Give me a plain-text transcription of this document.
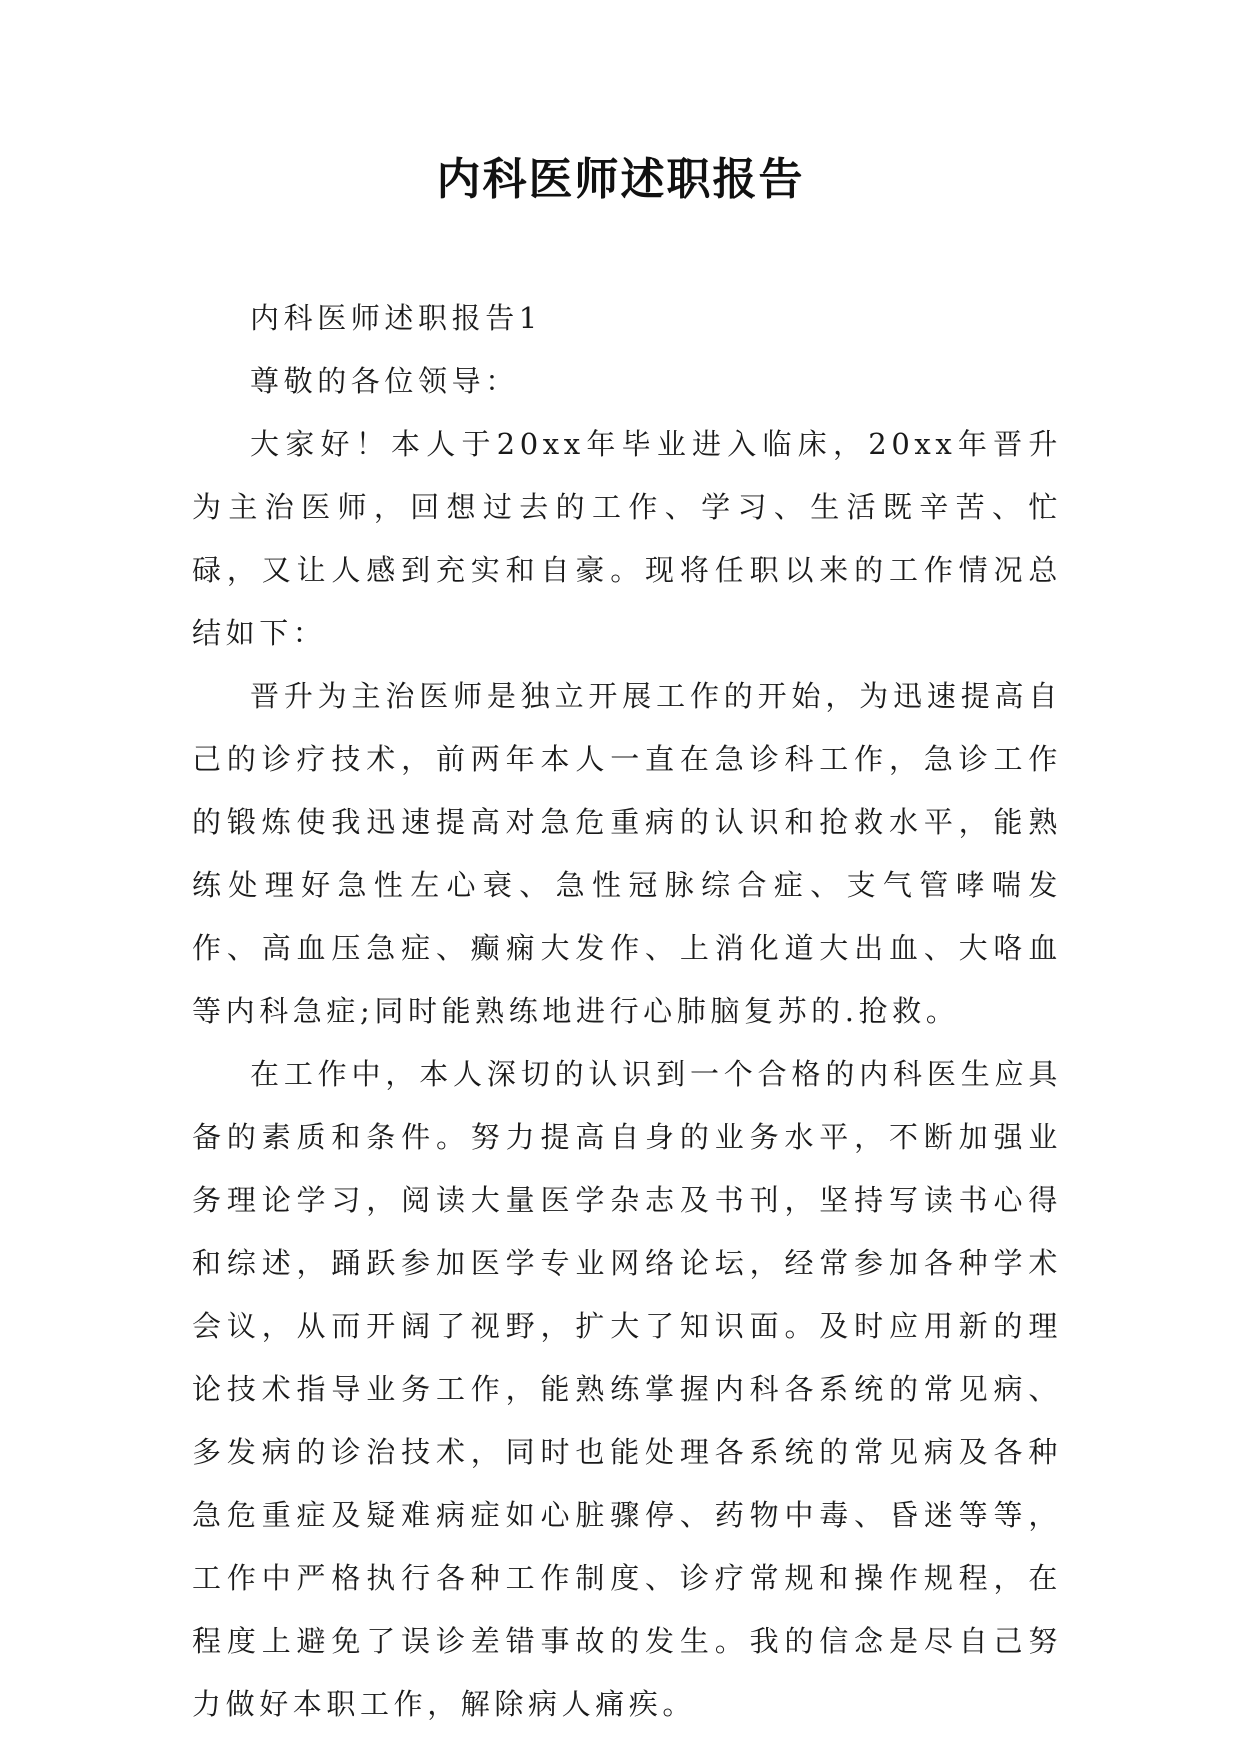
内科医师述职报告

内科医师述职报告1

尊敬的各位领导：

大家好！本人于20xx年毕业进入临床，20xx年晋升为主治医师，回想过去的工作、学习、生活既辛苦、忙碌，又让人感到充实和自豪。现将任职以来的工作情况总结如下：

晋升为主治医师是独立开展工作的开始，为迅速提高自己的诊疗技术，前两年本人一直在急诊科工作，急诊工作的锻炼使我迅速提高对急危重病的认识和抢救水平，能熟练处理好急性左心衰、急性冠脉综合症、支气管哮喘发作、高血压急症、癫痫大发作、上消化道大出血、大咯血等内科急症;同时能熟练地进行心肺脑复苏的.抢救。

在工作中，本人深切的认识到一个合格的内科医生应具备的素质和条件。努力提高自身的业务水平，不断加强业务理论学习，阅读大量医学杂志及书刊，坚持写读书心得和综述，踊跃参加医学专业网络论坛，经常参加各种学术会议，从而开阔了视野，扩大了知识面。及时应用新的理论技术指导业务工作，能熟练掌握内科各系统的常见病、多发病的诊治技术，同时也能处理各系统的常见病及各种急危重症及疑难病症如心脏骤停、药物中毒、昏迷等等，工作中严格执行各种工作制度、诊疗常规和操作规程，在程度上避免了误诊差错事故的发生。我的信念是尽自己努力做好本职工作，解除病人痛疾。
